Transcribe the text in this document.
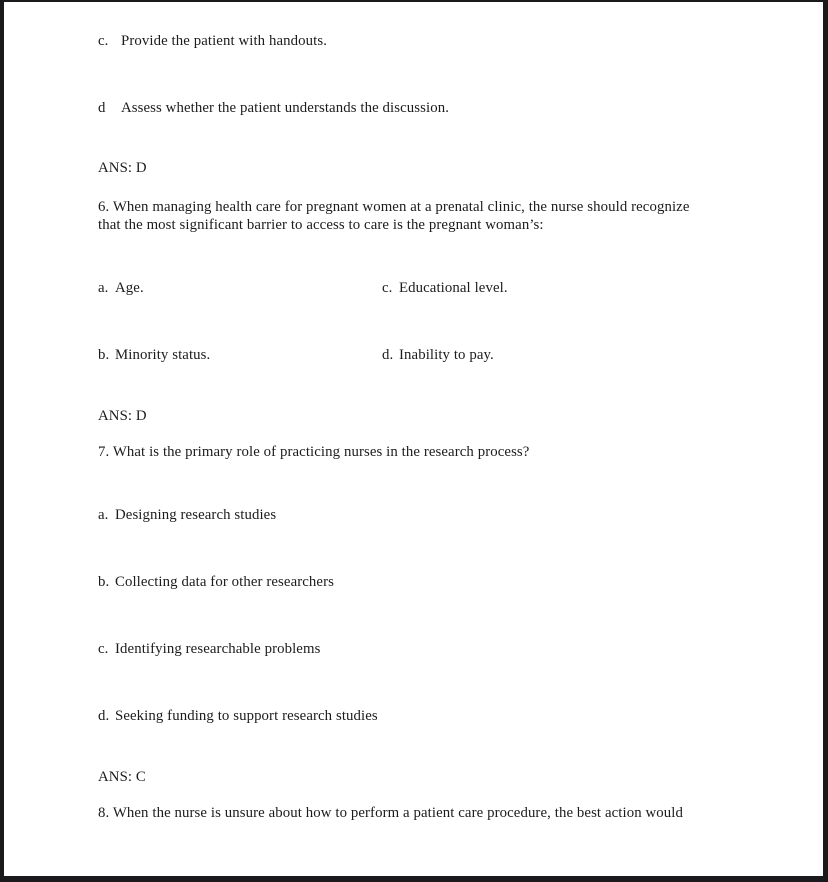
c. Provide the patient with handouts.
d Assess whether the patient understands the discussion.
ANS: D
6. When managing health care for pregnant women at a prenatal clinic, the nurse should recognize that the most significant barrier to access to care is the pregnant woman’s:
a. Age.	c. Educational level.
b. Minority status.	d. Inability to pay.
ANS: D
7. What is the primary role of practicing nurses in the research process?
a. Designing research studies
b. Collecting data for other researchers
c. Identifying researchable problems
d. Seeking funding to support research studies
ANS: C
8. When the nurse is unsure about how to perform a patient care procedure, the best action would
